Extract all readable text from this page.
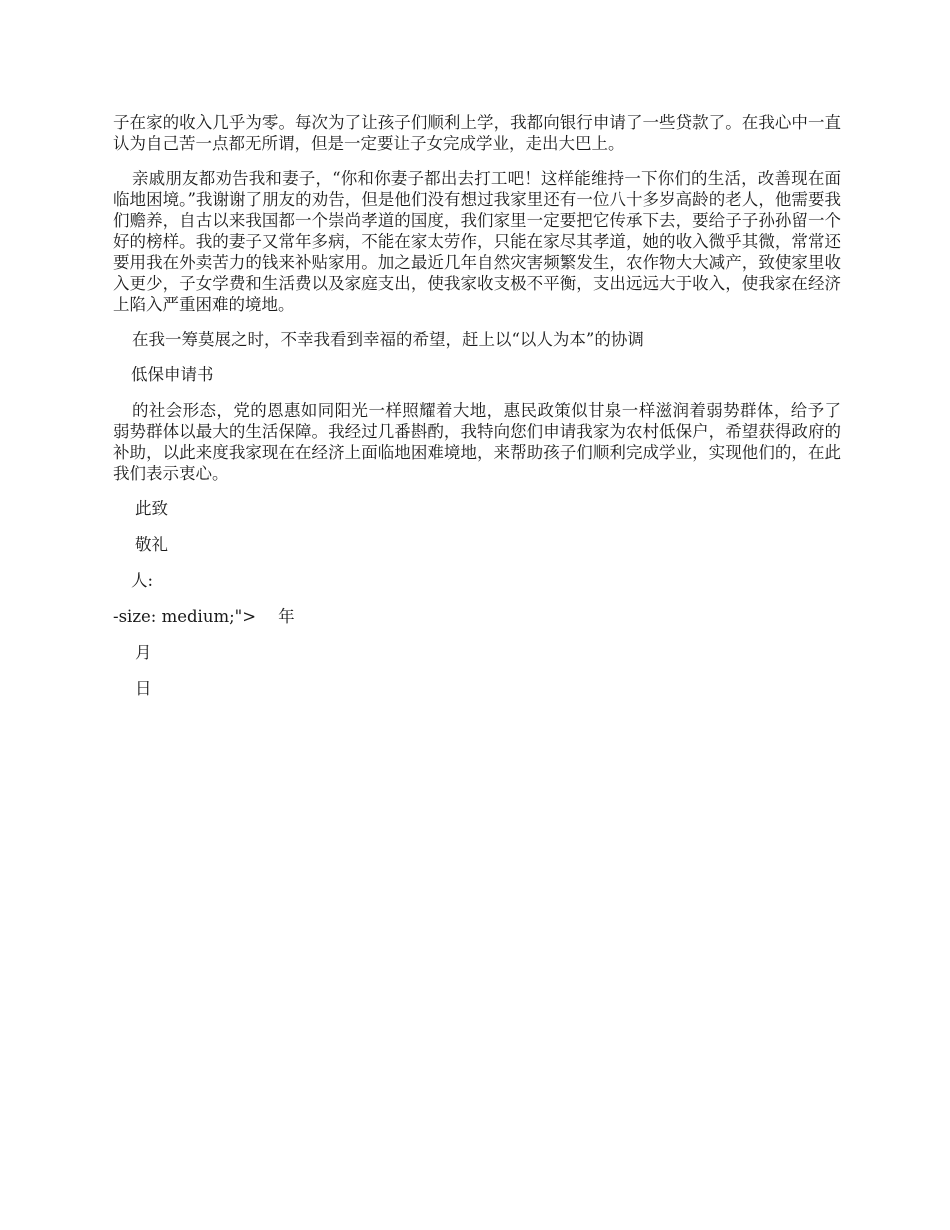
子在家的收入几乎为零。每次为了让孩子们顺利上学，我都向银行申请了一些贷款了。在我心中一直认为自己苦一点都无所谓，但是一定要让子女完成学业，走出大巴上。

亲戚朋友都劝告我和妻子，“你和你妻子都出去打工吧！这样能维持一下你们的生活，改善现在面临地困境。”我谢谢了朋友的劝告，但是他们没有想过我家里还有一位八十多岁高龄的老人，他需要我们赡养，自古以来我国都一个崇尚孝道的国度，我们家里一定要把它传承下去，要给子子孙孙留一个好的榜样。我的妻子又常年多病，不能在家太劳作，只能在家尽其孝道，她的收入微乎其微，常常还要用我在外卖苦力的钱来补贴家用。加之最近几年自然灾害频繁发生，农作物大大减产，致使家里收入更少，子女学费和生活费以及家庭支出，使我家收支极不平衡，支出远远大于收入，使我家在经济上陷入严重困难的境地。

在我一筹莫展之时，不幸我看到幸福的希望，赶上以“以人为本”的协调

低保申请书

的社会形态，党的恩惠如同阳光一样照耀着大地，惠民政策似甘泉一样滋润着弱势群体，给予了弱势群体以最大的生活保障。我经过几番斟酌，我特向您们申请我家为农村低保户，希望获得政府的补助，以此来度我家现在在经济上面临地困难境地，来帮助孩子们顺利完成学业，实现他们的，在此我们表示衷心。

此致

敬礼

人:

-size: medium;"> 年

月

日
